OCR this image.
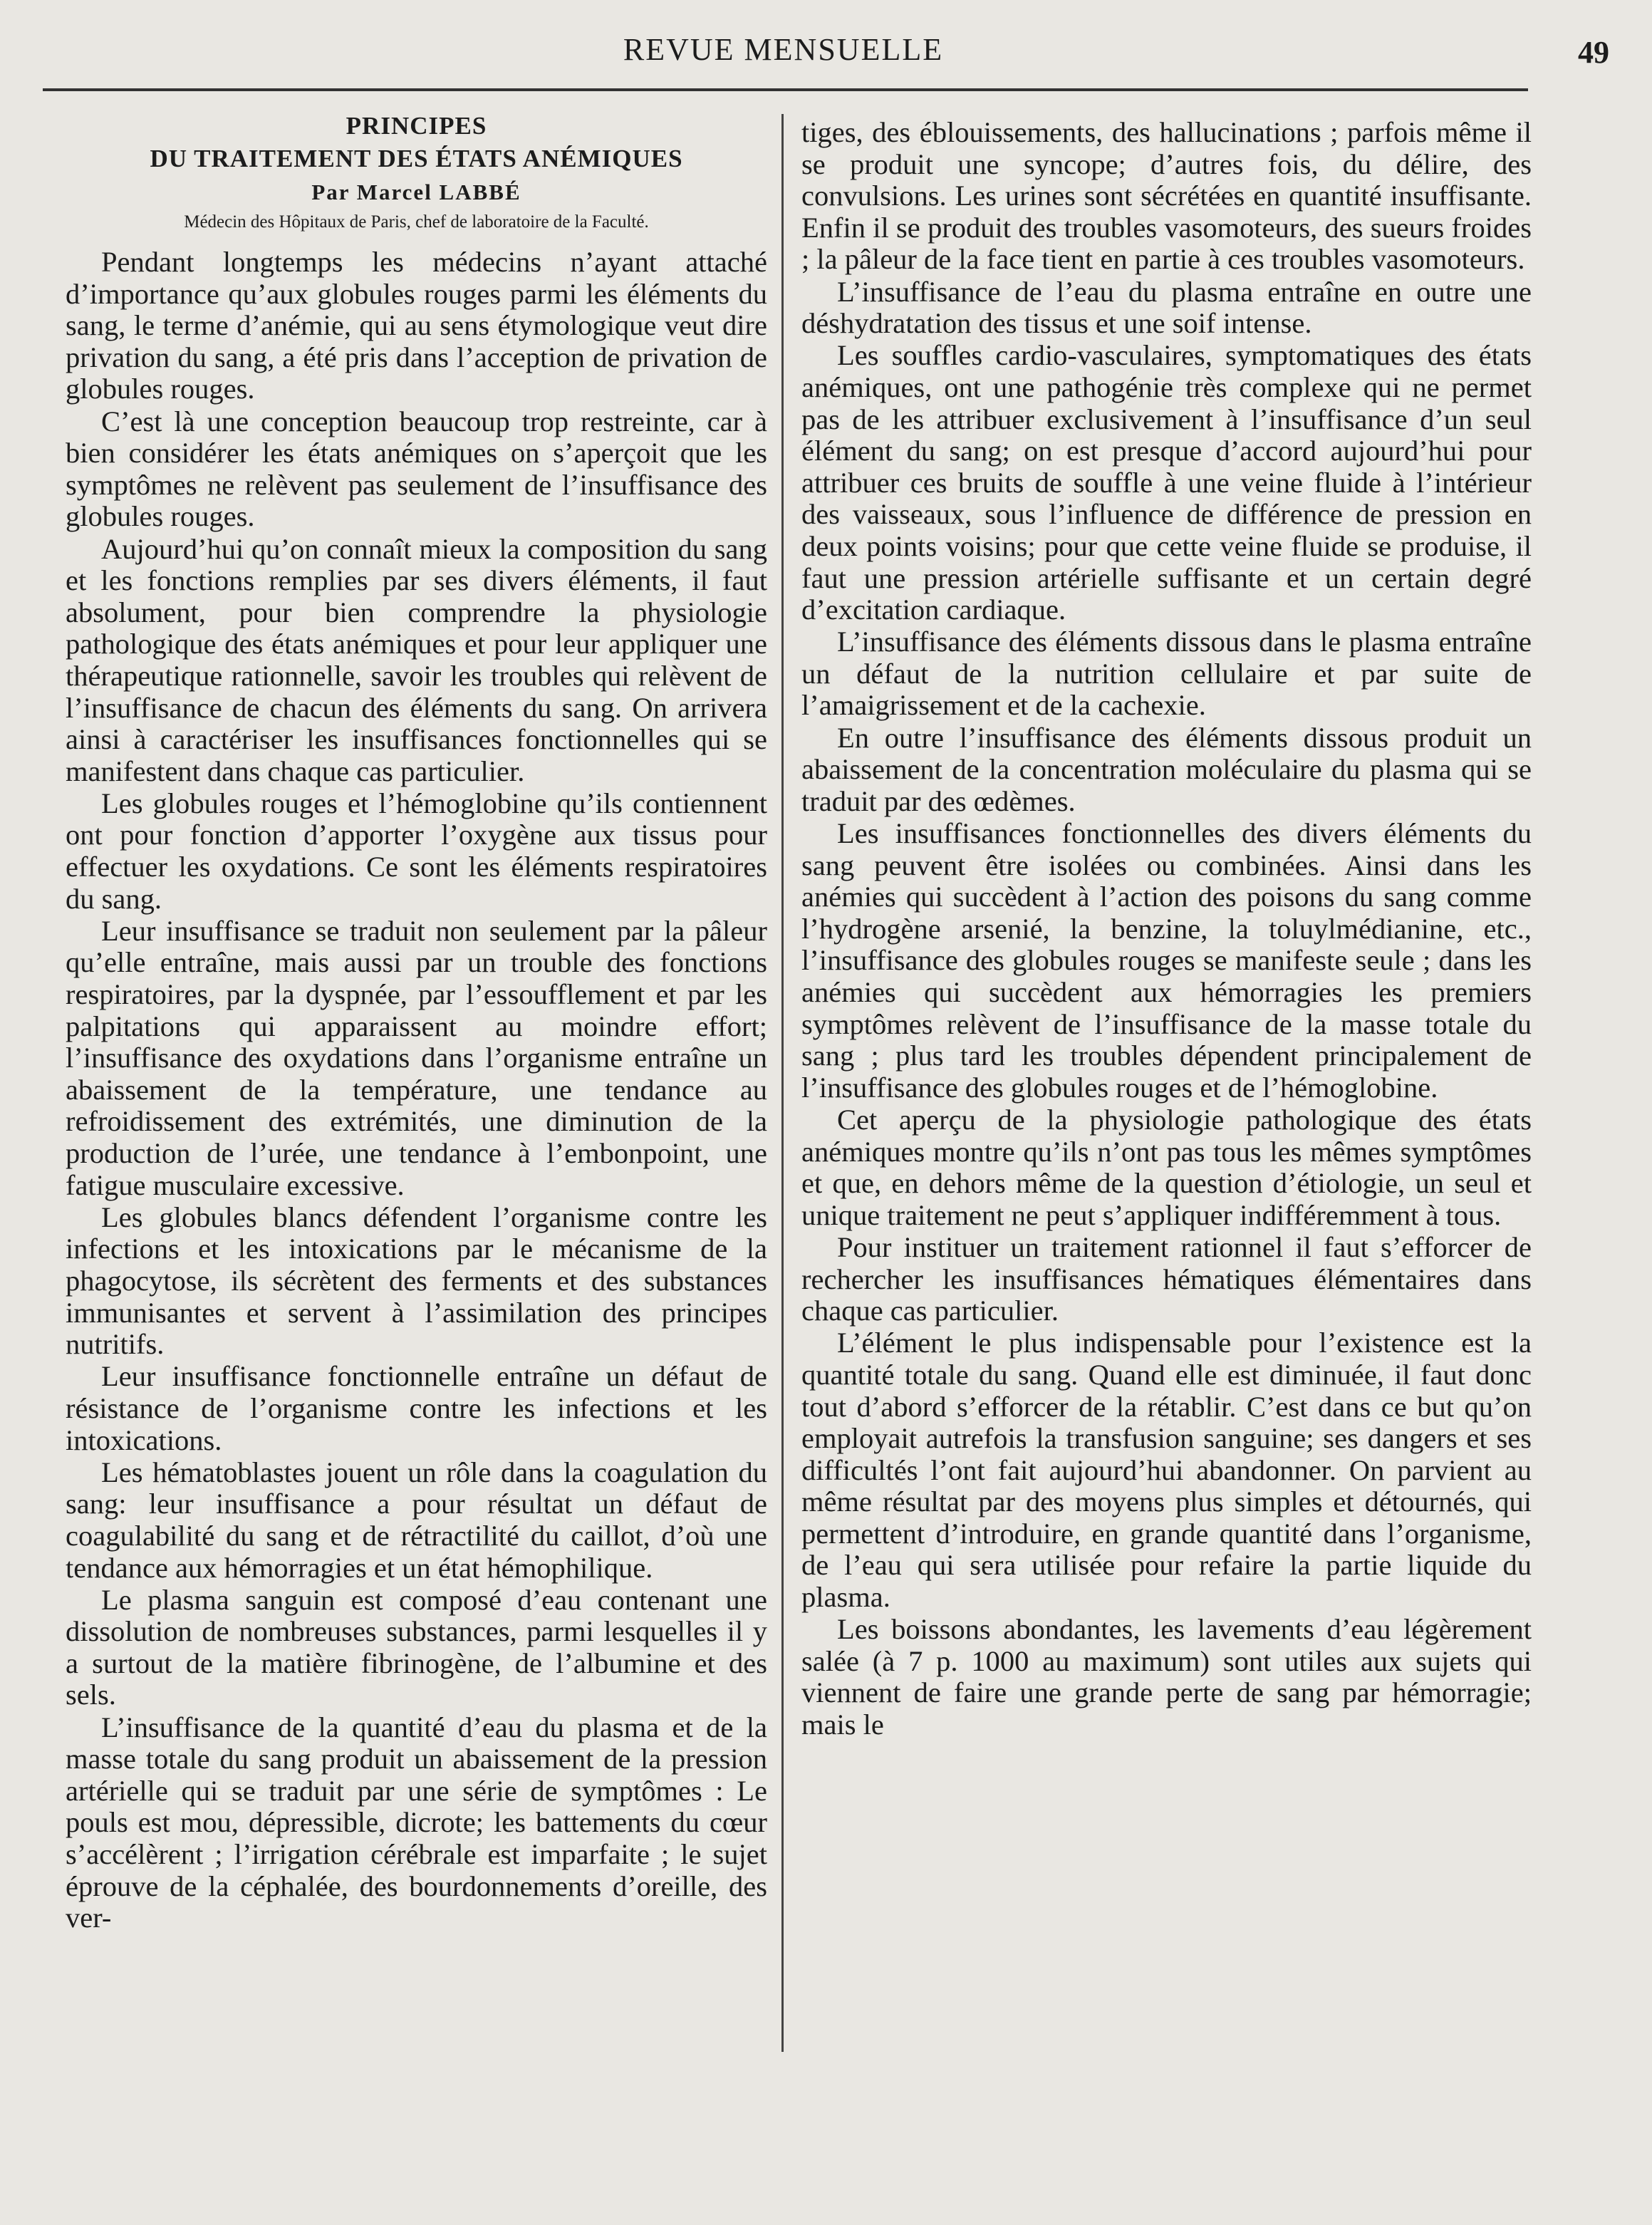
REVUE MENSUELLE	49
PRINCIPES
DU TRAITEMENT DES ÉTATS ANÉMIQUES
Par Marcel LABBÉ
Médecin des Hôpitaux de Paris, chef de laboratoire de la Faculté.

Pendant longtemps les médecins n’ayant attaché d’importance qu’aux globules rouges parmi les éléments du sang, le terme d’anémie, qui au sens étymologique veut dire privation du sang, a été pris dans l’acception de privation de globules rouges.

C’est là une conception beaucoup trop restreinte, car à bien considérer les états anémiques on s’aperçoit que les symptômes ne relèvent pas seulement de l’insuffisance des globules rouges.

Aujourd’hui qu’on connaît mieux la composition du sang et les fonctions remplies par ses divers éléments, il faut absolument, pour bien comprendre la physiologie pathologique des états anémiques et pour leur appliquer une thérapeutique rationnelle, savoir les troubles qui relèvent de l’insuffisance de chacun des éléments du sang. On arrivera ainsi à caractériser les insuffisances fonctionnelles qui se manifestent dans chaque cas particulier.

Les globules rouges et l’hémoglobine qu’ils contiennent ont pour fonction d’apporter l’oxygène aux tissus pour effectuer les oxydations. Ce sont les éléments respiratoires du sang.

Leur insuffisance se traduit non seulement par la pâleur qu’elle entraîne, mais aussi par un trouble des fonctions respiratoires, par la dyspnée, par l’essoufflement et par les palpitations qui apparaissent au moindre effort; l’insuffisance des oxydations dans l’organisme entraîne un abaissement de la température, une tendance au refroidissement des extrémités, une diminution de la production de l’urée, une tendance à l’embonpoint, une fatigue musculaire excessive.

Les globules blancs défendent l’organisme contre les infections et les intoxications par le mécanisme de la phagocytose, ils sécrètent des ferments et des substances immunisantes et servent à l’assimilation des principes nutritifs.

Leur insuffisance fonctionnelle entraîne un défaut de résistance de l’organisme contre les infections et les intoxications.

Les hématoblastes jouent un rôle dans la coagulation du sang: leur insuffisance a pour résultat un défaut de coagulabilité du sang et de rétractilité du caillot, d’où une tendance aux hémorragies et un état hémophilique.

Le plasma sanguin est composé d’eau contenant une dissolution de nombreuses substances, parmi lesquelles il y a surtout de la matière fibrinogène, de l’albumine et des sels.

L’insuffisance de la quantité d’eau du plasma et de la masse totale du sang produit un abaissement de la pression artérielle qui se traduit par une série de symptômes : Le pouls est mou, dépressible, dicrote; les battements du cœur s’accélèrent ; l’irrigation cérébrale est imparfaite ; le sujet éprouve de la céphalée, des bourdonnements d’oreille, des ver-

tiges, des éblouissements, des hallucinations ; parfois même il se produit une syncope; d’autres fois, du délire, des convulsions. Les urines sont sécrétées en quantité insuffisante. Enfin il se produit des troubles vasomoteurs, des sueurs froides ; la pâleur de la face tient en partie à ces troubles vasomoteurs.

L’insuffisance de l’eau du plasma entraîne en outre une déshydratation des tissus et une soif intense.

Les souffles cardio-vasculaires, symptomatiques des états anémiques, ont une pathogénie très complexe qui ne permet pas de les attribuer exclusivement à l’insuffisance d’un seul élément du sang; on est presque d’accord aujourd’hui pour attribuer ces bruits de souffle à une veine fluide à l’intérieur des vaisseaux, sous l’influence de différence de pression en deux points voisins; pour que cette veine fluide se produise, il faut une pression artérielle suffisante et un certain degré d’excitation cardiaque.

L’insuffisance des éléments dissous dans le plasma entraîne un défaut de la nutrition cellulaire et par suite de l’amaigrissement et de la cachexie.

En outre l’insuffisance des éléments dissous produit un abaissement de la concentration moléculaire du plasma qui se traduit par des œdèmes.

Les insuffisances fonctionnelles des divers éléments du sang peuvent être isolées ou combinées. Ainsi dans les anémies qui succèdent à l’action des poisons du sang comme l’hydrogène arsenié, la benzine, la toluylmédianine, etc., l’insuffisance des globules rouges se manifeste seule ; dans les anémies qui succèdent aux hémorragies les premiers symptômes relèvent de l’insuffisance de la masse totale du sang ; plus tard les troubles dépendent principalement de l’insuffisance des globules rouges et de l’hémoglobine.

Cet aperçu de la physiologie pathologique des états anémiques montre qu’ils n’ont pas tous les mêmes symptômes et que, en dehors même de la question d’étiologie, un seul et unique traitement ne peut s’appliquer indifféremment à tous.

Pour instituer un traitement rationnel il faut s’efforcer de rechercher les insuffisances hématiques élémentaires dans chaque cas particulier.

L’élément le plus indispensable pour l’existence est la quantité totale du sang. Quand elle est diminuée, il faut donc tout d’abord s’efforcer de la rétablir. C’est dans ce but qu’on employait autrefois la transfusion sanguine; ses dangers et ses difficultés l’ont fait aujourd’hui abandonner. On parvient au même résultat par des moyens plus simples et détournés, qui permettent d’introduire, en grande quantité dans l’organisme, de l’eau qui sera utilisée pour refaire la partie liquide du plasma.

Les boissons abondantes, les lavements d’eau légèrement salée (à 7 p. 1000 au maximum) sont utiles aux sujets qui viennent de faire une grande perte de sang par hémorragie; mais le
